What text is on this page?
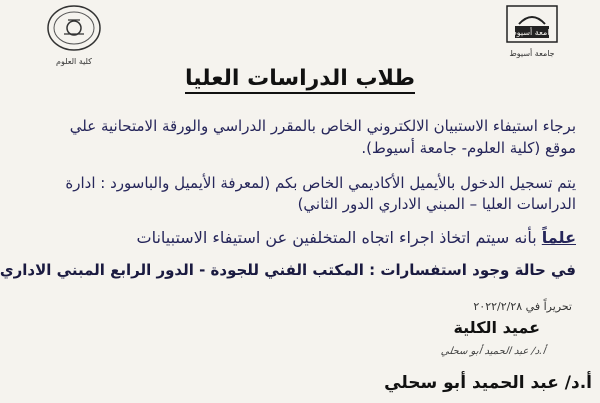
جامعة أسيوط
جامعة أسيوط
كلية العلوم
طلاب الدراسات العليا
برجاء استيفاء الاستبيان الالكتروني الخاص بالمقرر الدراسي والورقة الامتحانية علي
موقع (كلية العلوم- جامعة أسيوط).
يتم تسجيل الدخول بالأيميل الأكاديمي الخاص بكم (لمعرفة الأيميل والباسورد : ادارة
الدراسات العليا – المبني الاداري الدور الثاني)
علماً بأنه سيتم اتخاذ اجراء اتجاه المتخلفين عن استيفاء الاستبيانات
في حالة وجود استفسارات : المكتب الفني للجودة - الدور الرابع المبني الاداري
تحريراً في ٢٠٢٢/٢/٢٨
عميد الكلية
أ.د/ عبد الحميد أبو سحلي
أ.د/ عبد الحميد أبو سحلي
